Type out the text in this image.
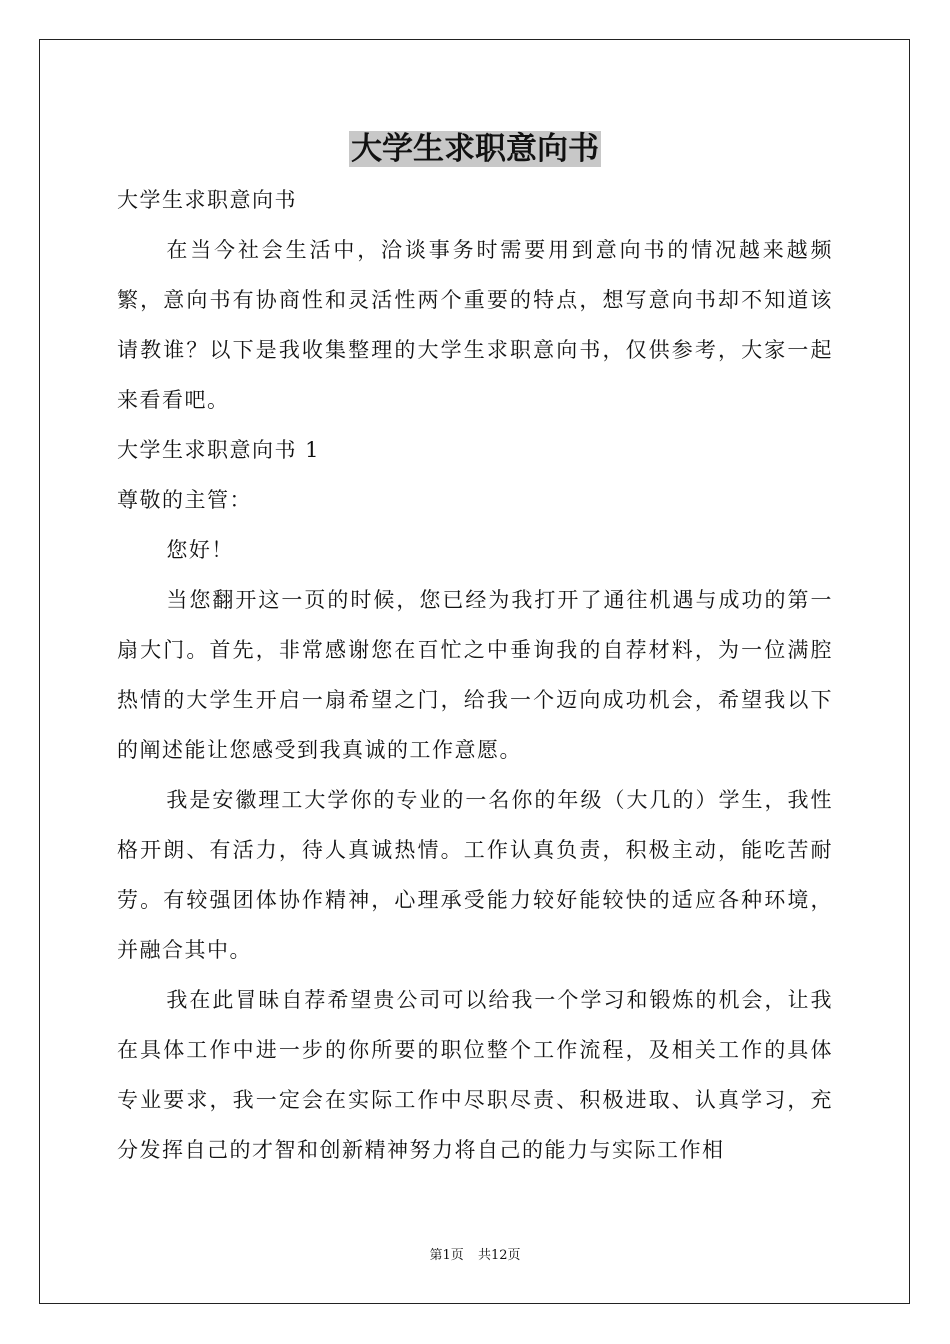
大学生求职意向书

大学生求职意向书

在当今社会生活中，洽谈事务时需要用到意向书的情况越来越频繁，意向书有协商性和灵活性两个重要的特点，想写意向书却不知道该请教谁？以下是我收集整理的大学生求职意向书，仅供参考，大家一起来看看吧。

大学生求职意向书 1

尊敬的主管：

您好！

当您翻开这一页的时候，您已经为我打开了通往机遇与成功的第一扇大门。首先，非常感谢您在百忙之中垂询我的自荐材料，为一位满腔热情的大学生开启一扇希望之门，给我一个迈向成功机会，希望我以下的阐述能让您感受到我真诚的工作意愿。

我是安徽理工大学你的专业的一名你的年级（大几的）学生，我性格开朗、有活力，待人真诚热情。工作认真负责，积极主动，能吃苦耐劳。有较强团体协作精神，心理承受能力较好能较快的适应各种环境，并融合其中。

我在此冒昧自荐希望贵公司可以给我一个学习和锻炼的机会，让我在具体工作中进一步的你所要的职位整个工作流程，及相关工作的具体专业要求，我一定会在实际工作中尽职尽责、积极进取、认真学习，充分发挥自己的才智和创新精神努力将自己的能力与实际工作相

第1页 共12页
